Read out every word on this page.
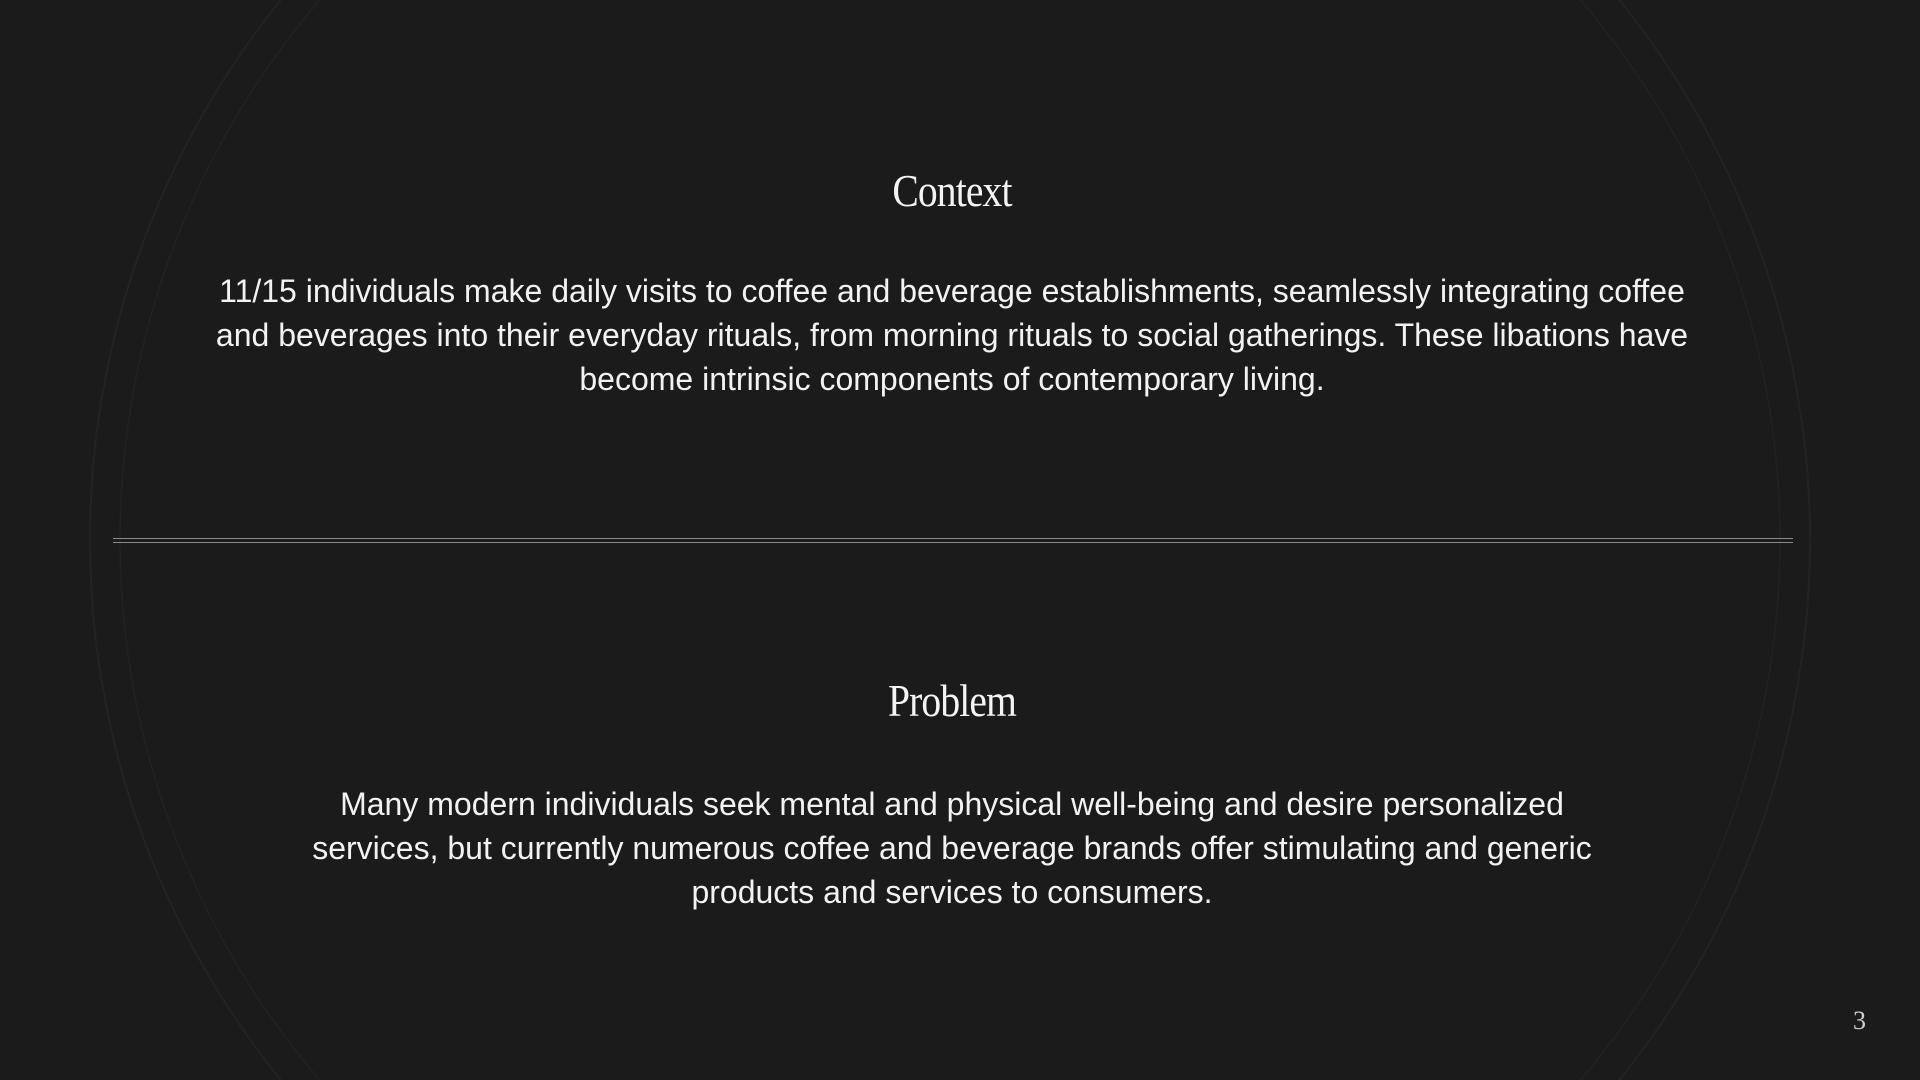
Context

11/15 individuals make daily visits to coffee and beverage establishments, seamlessly integrating coffee and beverages into their everyday rituals, from morning rituals to social gatherings. These libations have become intrinsic components of contemporary living.

Problem

Many modern individuals seek mental and physical well-being and desire personalized services, but currently numerous coffee and beverage brands offer stimulating and generic products and services to consumers.

3
